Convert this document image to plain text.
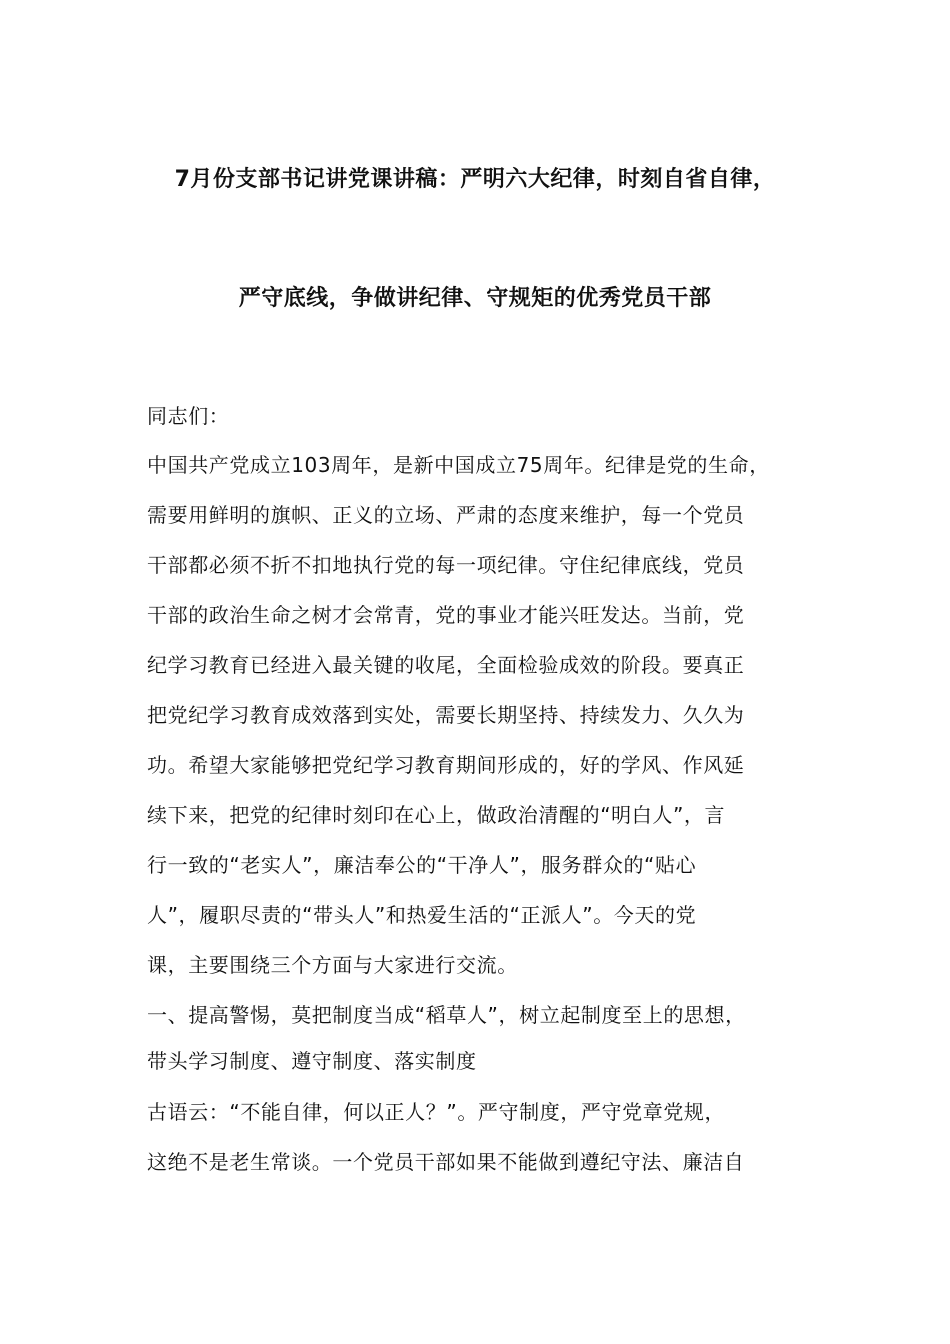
7月份支部书记讲党课讲稿：严明六大纪律，时刻自省自律，
严守底线，争做讲纪律、守规矩的优秀党员干部
同志们：
中国共产党成立103周年，是新中国成立75周年。纪律是党的生命，
需要用鲜明的旗帜、正义的立场、严肃的态度来维护，每一个党员
干部都必须不折不扣地执行党的每一项纪律。守住纪律底线，党员
干部的政治生命之树才会常青，党的事业才能兴旺发达。当前，党
纪学习教育已经进入最关键的收尾，全面检验成效的阶段。要真正
把党纪学习教育成效落到实处，需要长期坚持、持续发力、久久为
功。希望大家能够把党纪学习教育期间形成的，好的学风、作风延
续下来，把党的纪律时刻印在心上，做政治清醒的“明白人”，言
行一致的“老实人”，廉洁奉公的“干净人”，服务群众的“贴心
人”，履职尽责的“带头人”和热爱生活的“正派人”。今天的党
课，主要围绕三个方面与大家进行交流。
一、提高警惕，莫把制度当成“稻草人”，树立起制度至上的思想，
带头学习制度、遵守制度、落实制度
古语云：“不能自律，何以正人？”。严守制度，严守党章党规，
这绝不是老生常谈。一个党员干部如果不能做到遵纪守法、廉洁自
